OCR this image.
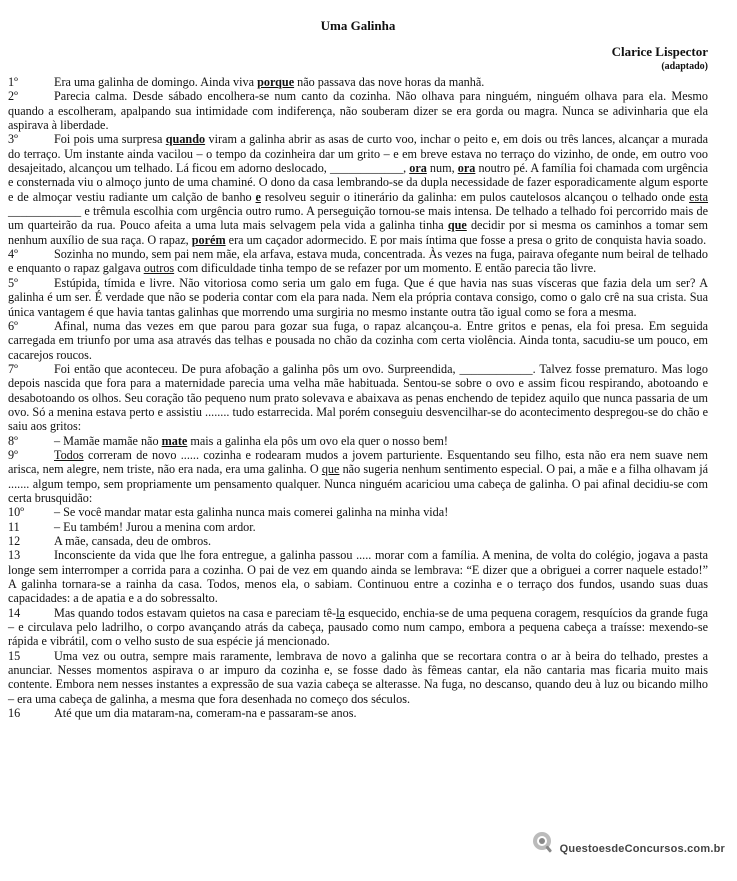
Uma Galinha
Clarice Lispector
(adaptado)

1º	Era uma galinha de domingo. Ainda viva porque não passava das nove horas da manhã.

2º	Parecia calma. Desde sábado encolhera-se num canto da cozinha. Não olhava para ninguém, ninguém olhava para ela. Mesmo quando a escolheram, apalpando sua intimidade com indiferença, não souberam dizer se era gorda ou magra. Nunca se adivinharia que ela aspirava à liberdade.

3º	Foi pois uma surpresa quando viram a galinha abrir as asas de curto voo, inchar o peito e, em dois ou três lances, alcançar a murada do terraço. Um instante ainda vacilou – o tempo da cozinheira dar um grito – e em breve estava no terraço do vizinho, de onde, em outro voo desajeitado, alcançou um telhado. Lá ficou em adorno deslocado, ____________, ora num, ora noutro pé. A família foi chamada com urgência e consternada viu o almoço junto de uma chaminé. O dono da casa lembrando-se da dupla necessidade de fazer esporadicamente algum esporte e de almoçar vestiu radiante um calção de banho e resolveu seguir o itinerário da galinha: em pulos cautelosos alcançou o telhado onde esta ____________ e trêmula escolhia com urgência outro rumo. A perseguição tornou-se mais intensa. De telhado a telhado foi percorrido mais de um quarteirão da rua. Pouco afeita a uma luta mais selvagem pela vida a galinha tinha que decidir por si mesma os caminhos a tomar sem nenhum auxílio de sua raça. O rapaz, porém era um caçador adormecido. E por mais íntima que fosse a presa o grito de conquista havia soado.

4º	Sozinha no mundo, sem pai nem mãe, ela arfava, estava muda, concentrada. Às vezes na fuga, pairava ofegante num beiral de telhado e enquanto o rapaz galgava outros com dificuldade tinha tempo de se refazer por um momento. E então parecia tão livre.

5º	Estúpida, tímida e livre. Não vitoriosa como seria um galo em fuga. Que é que havia nas suas vísceras que fazia dela um ser? A galinha é um ser. É verdade que não se poderia contar com ela para nada. Nem ela própria contava consigo, como o galo crê na sua crista. Sua única vantagem é que havia tantas galinhas que morrendo uma surgiria no mesmo instante outra tão igual como se fora a mesma.

6º	Afinal, numa das vezes em que parou para gozar sua fuga, o rapaz alcançou-a. Entre gritos e penas, ela foi presa. Em seguida carregada em triunfo por uma asa através das telhas e pousada no chão da cozinha com certa violência. Ainda tonta, sacudiu-se um pouco, em cacarejos roucos.

7º	Foi então que aconteceu. De pura afobação a galinha pôs um ovo. Surpreendida, ____________. Talvez fosse prematuro. Mas logo depois nascida que fora para a maternidade parecia uma velha mãe habituada. Sentou-se sobre o ovo e assim ficou respirando, abotoando e desabotoando os olhos. Seu coração tão pequeno num prato solevava e abaixava as penas enchendo de tepidez aquilo que nunca passaria de um ovo. Só a menina estava perto e assistiu ........ tudo estarrecida. Mal porém conseguiu desvencilhar-se do acontecimento despregou-se do chão e saiu aos gritos:

8º	– Mamãe mamãe não mate mais a galinha ela pôs um ovo ela quer o nosso bem!

9º	Todos correram de novo ...... cozinha e rodearam mudos a jovem parturiente. Esquentando seu filho, esta não era nem suave nem arisca, nem alegre, nem triste, não era nada, era uma galinha. O que não sugeria nenhum sentimento especial. O pai, a mãe e a filha olhavam já ....... algum tempo, sem propriamente um pensamento qualquer. Nunca ninguém acariciou uma cabeça de galinha. O pai afinal decidiu-se com certa brusquidão:

10º – Se você mandar matar esta galinha nunca mais comerei galinha na minha vida!

11	– Eu também! Jurou a menina com ardor.

12	A mãe, cansada, deu de ombros.

13	Inconsciente da vida que lhe fora entregue, a galinha passou ..... morar com a família. A menina, de volta do colégio, jogava a pasta longe sem interromper a corrida para a cozinha. O pai de vez em quando ainda se lembrava: “E dizer que a obriguei a correr naquele estado!” A galinha tornara-se a rainha da casa. Todos, menos ela, o sabiam. Continuou entre a cozinha e o terraço dos fundos, usando suas duas capacidades: a de apatia e a do sobressalto.

14	Mas quando todos estavam quietos na casa e pareciam tê-la esquecido, enchia-se de uma pequena coragem, resquícios da grande fuga – e circulava pelo ladrilho, o corpo avançando atrás da cabeça, pausado como num campo, embora a pequena cabeça a traísse: mexendo-se rápida e vibrátil, com o velho susto de sua espécie já mencionado.

15	Uma vez ou outra, sempre mais raramente, lembrava de novo a galinha que se recortara contra o ar à beira do telhado, prestes a anunciar. Nesses momentos aspirava o ar impuro da cozinha e, se fosse dado às fêmeas cantar, ela não cantaria mas ficaria muito mais contente. Embora nem nesses instantes a expressão de sua vazia cabeça se alterasse. Na fuga, no descanso, quando deu à luz ou bicando milho – era uma cabeça de galinha, a mesma que fora desenhada no começo dos séculos.

16	Até que um dia mataram-na, comeram-na e passaram-se anos.

QuestoesdeConcursos.com.br
